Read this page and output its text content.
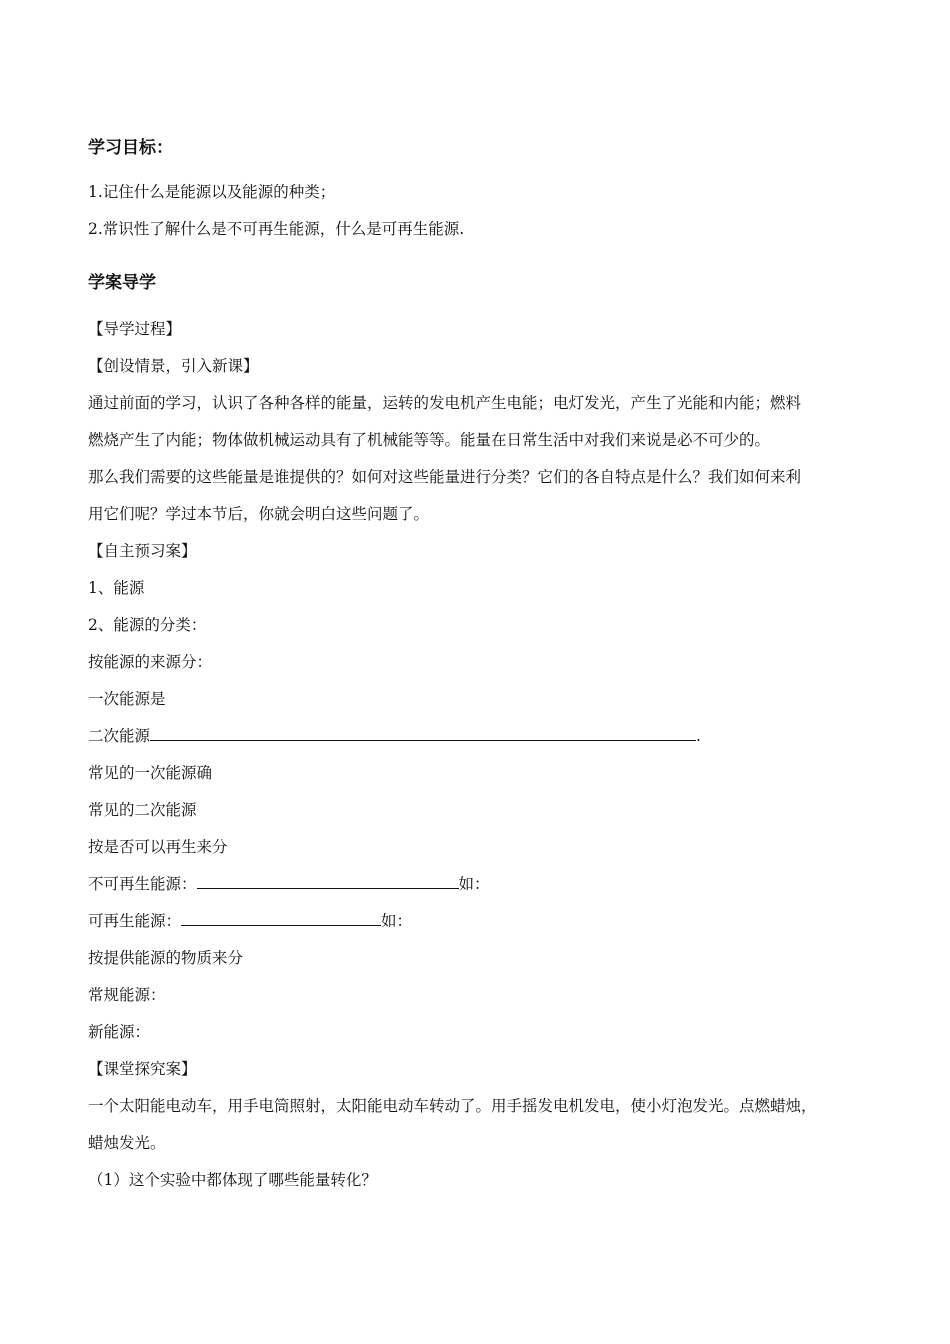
学习目标：
1.记住什么是能源以及能源的种类；
2.常识性了解什么是不可再生能源，什么是可再生能源.
学案导学
【导学过程】
【创设情景，引入新课】
通过前面的学习，认识了各种各样的能量，运转的发电机产生电能；电灯发光，产生了光能和内能；燃料
燃烧产生了内能；物体做机械运动具有了机械能等等。能量在日常生活中对我们来说是必不可少的。
那么我们需要的这些能量是谁提供的？如何对这些能量进行分类？它们的各自特点是什么？我们如何来利
用它们呢？学过本节后，你就会明白这些问题了。
【自主预习案】
1、能源
2、能源的分类：
按能源的来源分：
一次能源是
二次能源	.
常见的一次能源确
常见的二次能源
按是否可以再生来分
不可再生能源：	如：
可再生能源：	如：
按提供能源的物质来分
常规能源：
新能源：
【课堂探究案】
一个太阳能电动车，用手电筒照射，太阳能电动车转动了。用手摇发电机发电，使小灯泡发光。点燃蜡烛，
蜡烛发光。
（1）这个实验中都体现了哪些能量转化？
